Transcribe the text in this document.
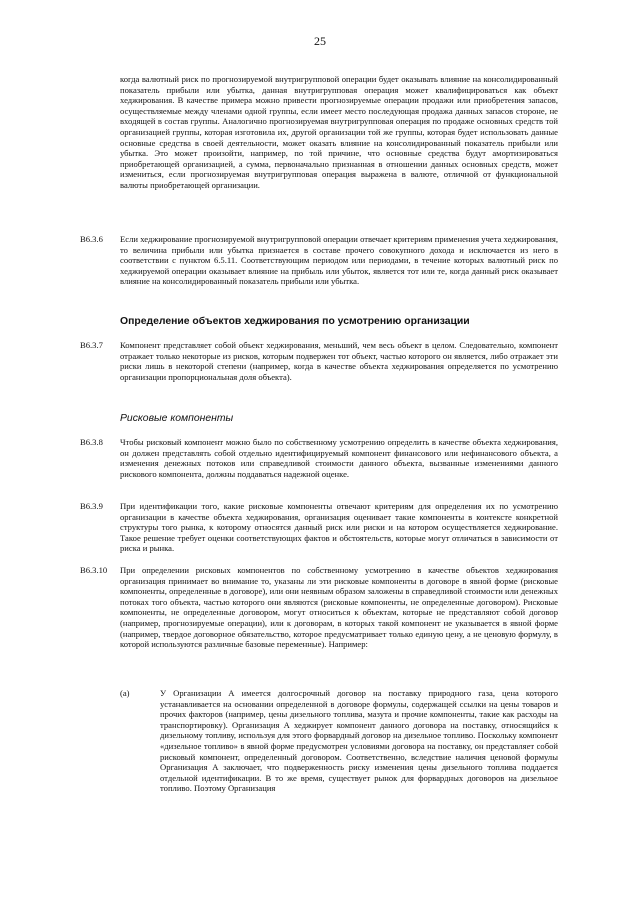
25

когда валютный риск по прогнозируемой внутригрупповой операции будет оказывать влияние на консолидированный показатель прибыли или убытка, данная внутригрупповая операция может квалифицироваться как объект хеджирования. В качестве примера можно привести прогнозируемые операции продажи или приобретения запасов, осуществляемые между членами одной группы, если имеет место последующая продажа данных запасов стороне, не входящей в состав группы. Аналогично прогнозируемая внутригрупповая операция по продаже основных средств той организацией группы, которая изготовила их, другой организации той же группы, которая будет использовать данные основные средства в своей деятельности, может оказать влияние на консолидированный показатель прибыли или убытка. Это может произойти, например, по той причине, что основные средства будут амортизироваться приобретающей организацией, а сумма, первоначально признанная в отношении данных основных средств, может измениться, если прогнозируемая внутригрупповая операция выражена в валюте, отличной от функциональной валюты приобретающей организации.

B6.3.6 Если хеджирование прогнозируемой внутригрупповой операции отвечает критериям применения учета хеджирования, то величина прибыли или убытка признается в составе прочего совокупного дохода и исключается из него в соответствии с пунктом 6.5.11. Соответствующим периодом или периодами, в течение которых валютный риск по хеджируемой операции оказывает влияние на прибыль или убыток, является тот или те, когда данный риск оказывает влияние на консолидированный показатель прибыли или убытка.

Определение объектов хеджирования по усмотрению организации
B6.3.7 Компонент представляет собой объект хеджирования, меньший, чем весь объект в целом. Следовательно, компонент отражает только некоторые из рисков, которым подвержен тот объект, частью которого он является, либо отражает эти риски лишь в некоторой степени (например, когда в качестве объекта хеджирования определяется по усмотрению организации пропорциональная доля объекта).

Рисковые компоненты
B6.3.8 Чтобы рисковый компонент можно было по собственному усмотрению определить в качестве объекта хеджирования, он должен представлять собой отдельно идентифицируемый компонент финансового или нефинансового объекта, а изменения денежных потоков или справедливой стоимости данного объекта, вызванные изменениями данного рискового компонента, должны поддаваться надежной оценке.

B6.3.9 При идентификации того, какие рисковые компоненты отвечают критериям для определения их по усмотрению организации в качестве объекта хеджирования, организация оценивает такие компоненты в контексте конкретной структуры того рынка, к которому относятся данный риск или риски и на котором осуществляется хеджирование. Такое решение требует оценки соответствующих фактов и обстоятельств, которые могут отличаться в зависимости от риска и рынка.

B6.3.10 При определении рисковых компонентов по собственному усмотрению в качестве объектов хеджирования организация принимает во внимание то, указаны ли эти рисковые компоненты в договоре в явной форме (рисковые компоненты, определенные в договоре), или они неявным образом заложены в справедливой стоимости или денежных потоках того объекта, частью которого они являются (рисковые компоненты, не определенные договором). Рисковые компоненты, не определенные договором, могут относиться к объектам, которые не представляют собой договор (например, прогнозируемые операции), или к договорам, в которых такой компонент не указывается в явной форме (например, твердое договорное обязательство, которое предусматривает только единую цену, а не ценовую формулу, в которой используются различные базовые переменные). Например:

(a)	У Организации А имеется долгосрочный договор на поставку природного газа, цена которого устанавливается на основании определенной в договоре формулы, содержащей ссылки на цены товаров и прочих факторов (например, цены дизельного топлива, мазута и прочие компоненты, такие как расходы на транспортировку). Организация А хеджирует компонент данного договора на поставку, относящийся к дизельному топливу, используя для этого форвардный договор на дизельное топливо. Поскольку компонент «дизельное топливо» в явной форме предусмотрен условиями договора на поставку, он представляет собой рисковый компонент, определенный договором. Соответственно, вследствие наличия ценовой формулы Организация А заключает, что подверженность риску изменения цены дизельного топлива поддается отдельной идентификации. В то же время, существует рынок для форвардных договоров на дизельное топливо. Поэтому Организация
